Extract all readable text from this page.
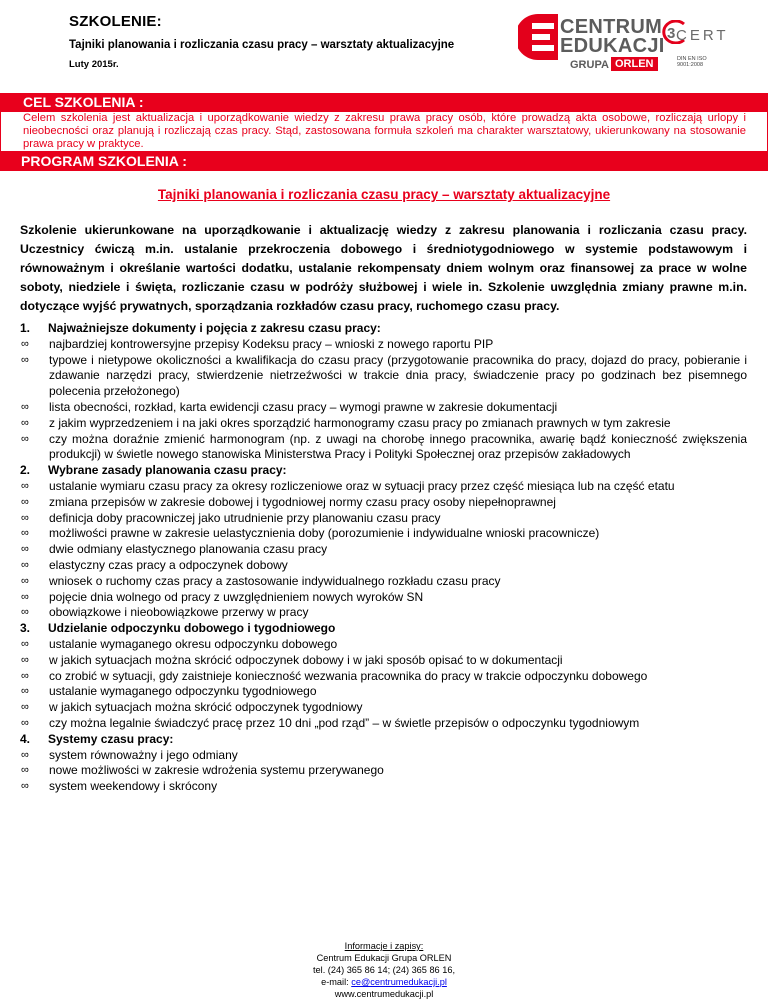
SZKOLENIE:
Tajniki planowania i rozliczania czasu pracy – warsztaty aktualizacyjne
Luty 2015r.
CENTRUM
EDUKACJI
GRUPA ORLEN
3 CERT
DIN EN ISO 9001:2008
CEL SZKOLENIA :
Celem szkolenia jest aktualizacja i uporządkowanie wiedzy z zakresu prawa pracy osób, które prowadzą akta osobowe, rozliczają urlopy i nieobecności oraz planują i rozliczają czas pracy. Stąd, zastosowana formuła szkoleń ma charakter warsztatowy, ukierunkowany na stosowanie prawa pracy w praktyce.
PROGRAM SZKOLENIA :
Tajniki planowania i rozliczania czasu pracy – warsztaty aktualizacyjne
Szkolenie ukierunkowane na uporządkowanie i aktualizację wiedzy z zakresu planowania i rozliczania czasu pracy. Uczestnicy ćwiczą m.in. ustalanie przekroczenia dobowego i średniotygodniowego w systemie podstawowym i równoważnym i określanie wartości dodatku, ustalanie rekompensaty dniem wolnym oraz finansowej za prace w wolne soboty, niedziele i święta, rozliczanie czasu w podróży służbowej i wiele in. Szkolenie uwzględnia zmiany prawne m.in. dotyczące wyjść prywatnych, sporządzania rozkładów czasu pracy, ruchomego czasu pracy.
1.	Najważniejsze dokumenty i pojęcia z zakresu czasu pracy:
∞	najbardziej kontrowersyjne przepisy Kodeksu pracy – wnioski z nowego raportu PIP
∞	typowe i nietypowe okoliczności a kwalifikacja do czasu pracy (przygotowanie pracownika do pracy, dojazd do pracy, pobieranie i zdawanie narzędzi pracy, stwierdzenie nietrzeźwości w trakcie dnia pracy, świadczenie pracy po godzinach bez pisemnego polecenia przełożonego)
∞	lista obecności, rozkład, karta ewidencji czasu pracy – wymogi prawne w zakresie dokumentacji
∞	z jakim wyprzedzeniem i na jaki okres sporządzić harmonogramy czasu pracy po zmianach prawnych w tym zakresie
∞	czy można doraźnie zmienić harmonogram (np. z uwagi na chorobę innego pracownika, awarię bądź konieczność zwiększenia produkcji) w świetle nowego stanowiska Ministerstwa Pracy i Polityki Społecznej oraz przepisów zakładowych
2.	Wybrane zasady planowania czasu pracy:
∞	ustalanie wymiaru czasu pracy za okresy rozliczeniowe oraz w sytuacji pracy przez część miesiąca lub na część etatu
∞	zmiana przepisów w zakresie dobowej i tygodniowej normy czasu pracy osoby niepełnoprawnej
∞	definicja doby pracowniczej jako utrudnienie przy planowaniu czasu pracy
∞	możliwości prawne w zakresie uelastycznienia doby (porozumienie i indywidualne wnioski pracownicze)
∞	dwie odmiany elastycznego planowania czasu pracy
∞	elastyczny czas pracy a odpoczynek dobowy
∞	wniosek o ruchomy czas pracy a zastosowanie indywidualnego rozkładu czasu pracy
∞	pojęcie dnia wolnego od pracy z uwzględnieniem nowych wyroków SN
∞	obowiązkowe i nieobowiązkowe przerwy w pracy
3.	Udzielanie odpoczynku dobowego i tygodniowego
∞	ustalanie wymaganego okresu odpoczynku dobowego
∞	w jakich sytuacjach można skrócić odpoczynek dobowy i w jaki sposób opisać to w dokumentacji
∞	co zrobić w sytuacji, gdy zaistnieje konieczność wezwania pracownika do pracy w trakcie odpoczynku dobowego
∞	ustalanie wymaganego odpoczynku tygodniowego
∞	w jakich sytuacjach można skrócić odpoczynek tygodniowy
∞	czy można legalnie świadczyć pracę przez 10 dni „pod rząd” – w świetle przepisów o odpoczynku tygodniowym
4.	Systemy czasu pracy:
∞	system równoważny i jego odmiany
∞	nowe możliwości w zakresie wdrożenia systemu przerywanego
∞	system weekendowy i skrócony
Informacje i zapisy:
Centrum Edukacji Grupa ORLEN
tel. (24) 365 86 14; (24) 365 86 16,
e-mail: ce@centrumedukacji.pl
www.centrumedukacji.pl
